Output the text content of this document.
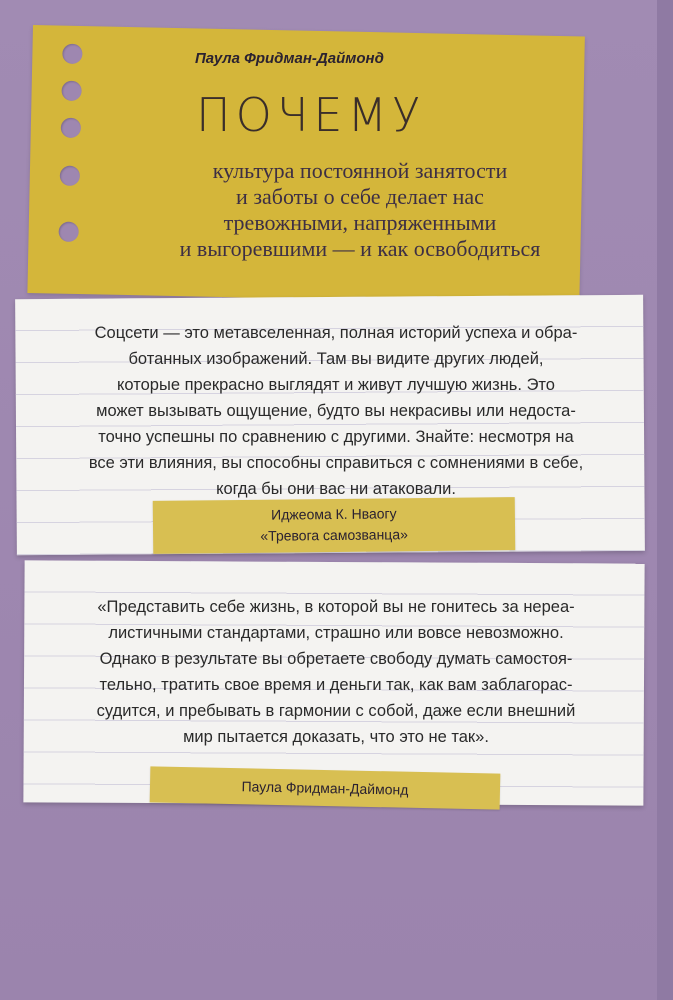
Паула Фридман-Даймонд
ПОЧЕМУ
культура постоянной занятости
и заботы о себе делает нас
тревожными, напряженными
и выгоревшими — и как освободиться
Соцсети — это метавселенная, полная историй успеха и обра-
ботанных изображений. Там вы видите других людей,
которые прекрасно выглядят и живут лучшую жизнь. Это
может вызывать ощущение, будто вы некрасивы или недоста-
точно успешны по сравнению с другими. Знайте: несмотря на
все эти влияния, вы способны справиться с сомнениями в себе,
когда бы они вас ни атаковали.
Иджеома К. Нваогу
«Тревога самозванца»
«Представить себе жизнь, в которой вы не гонитесь за нереа-
листичными стандартами, страшно или вовсе невозможно.
Однако в результате вы обретаете свободу думать самостоя-
тельно, тратить свое время и деньги так, как вам заблагорас-
судится, и пребывать в гармонии с собой, даже если внешний
мир пытается доказать, что это не так».
Паула Фридман-Даймонд
